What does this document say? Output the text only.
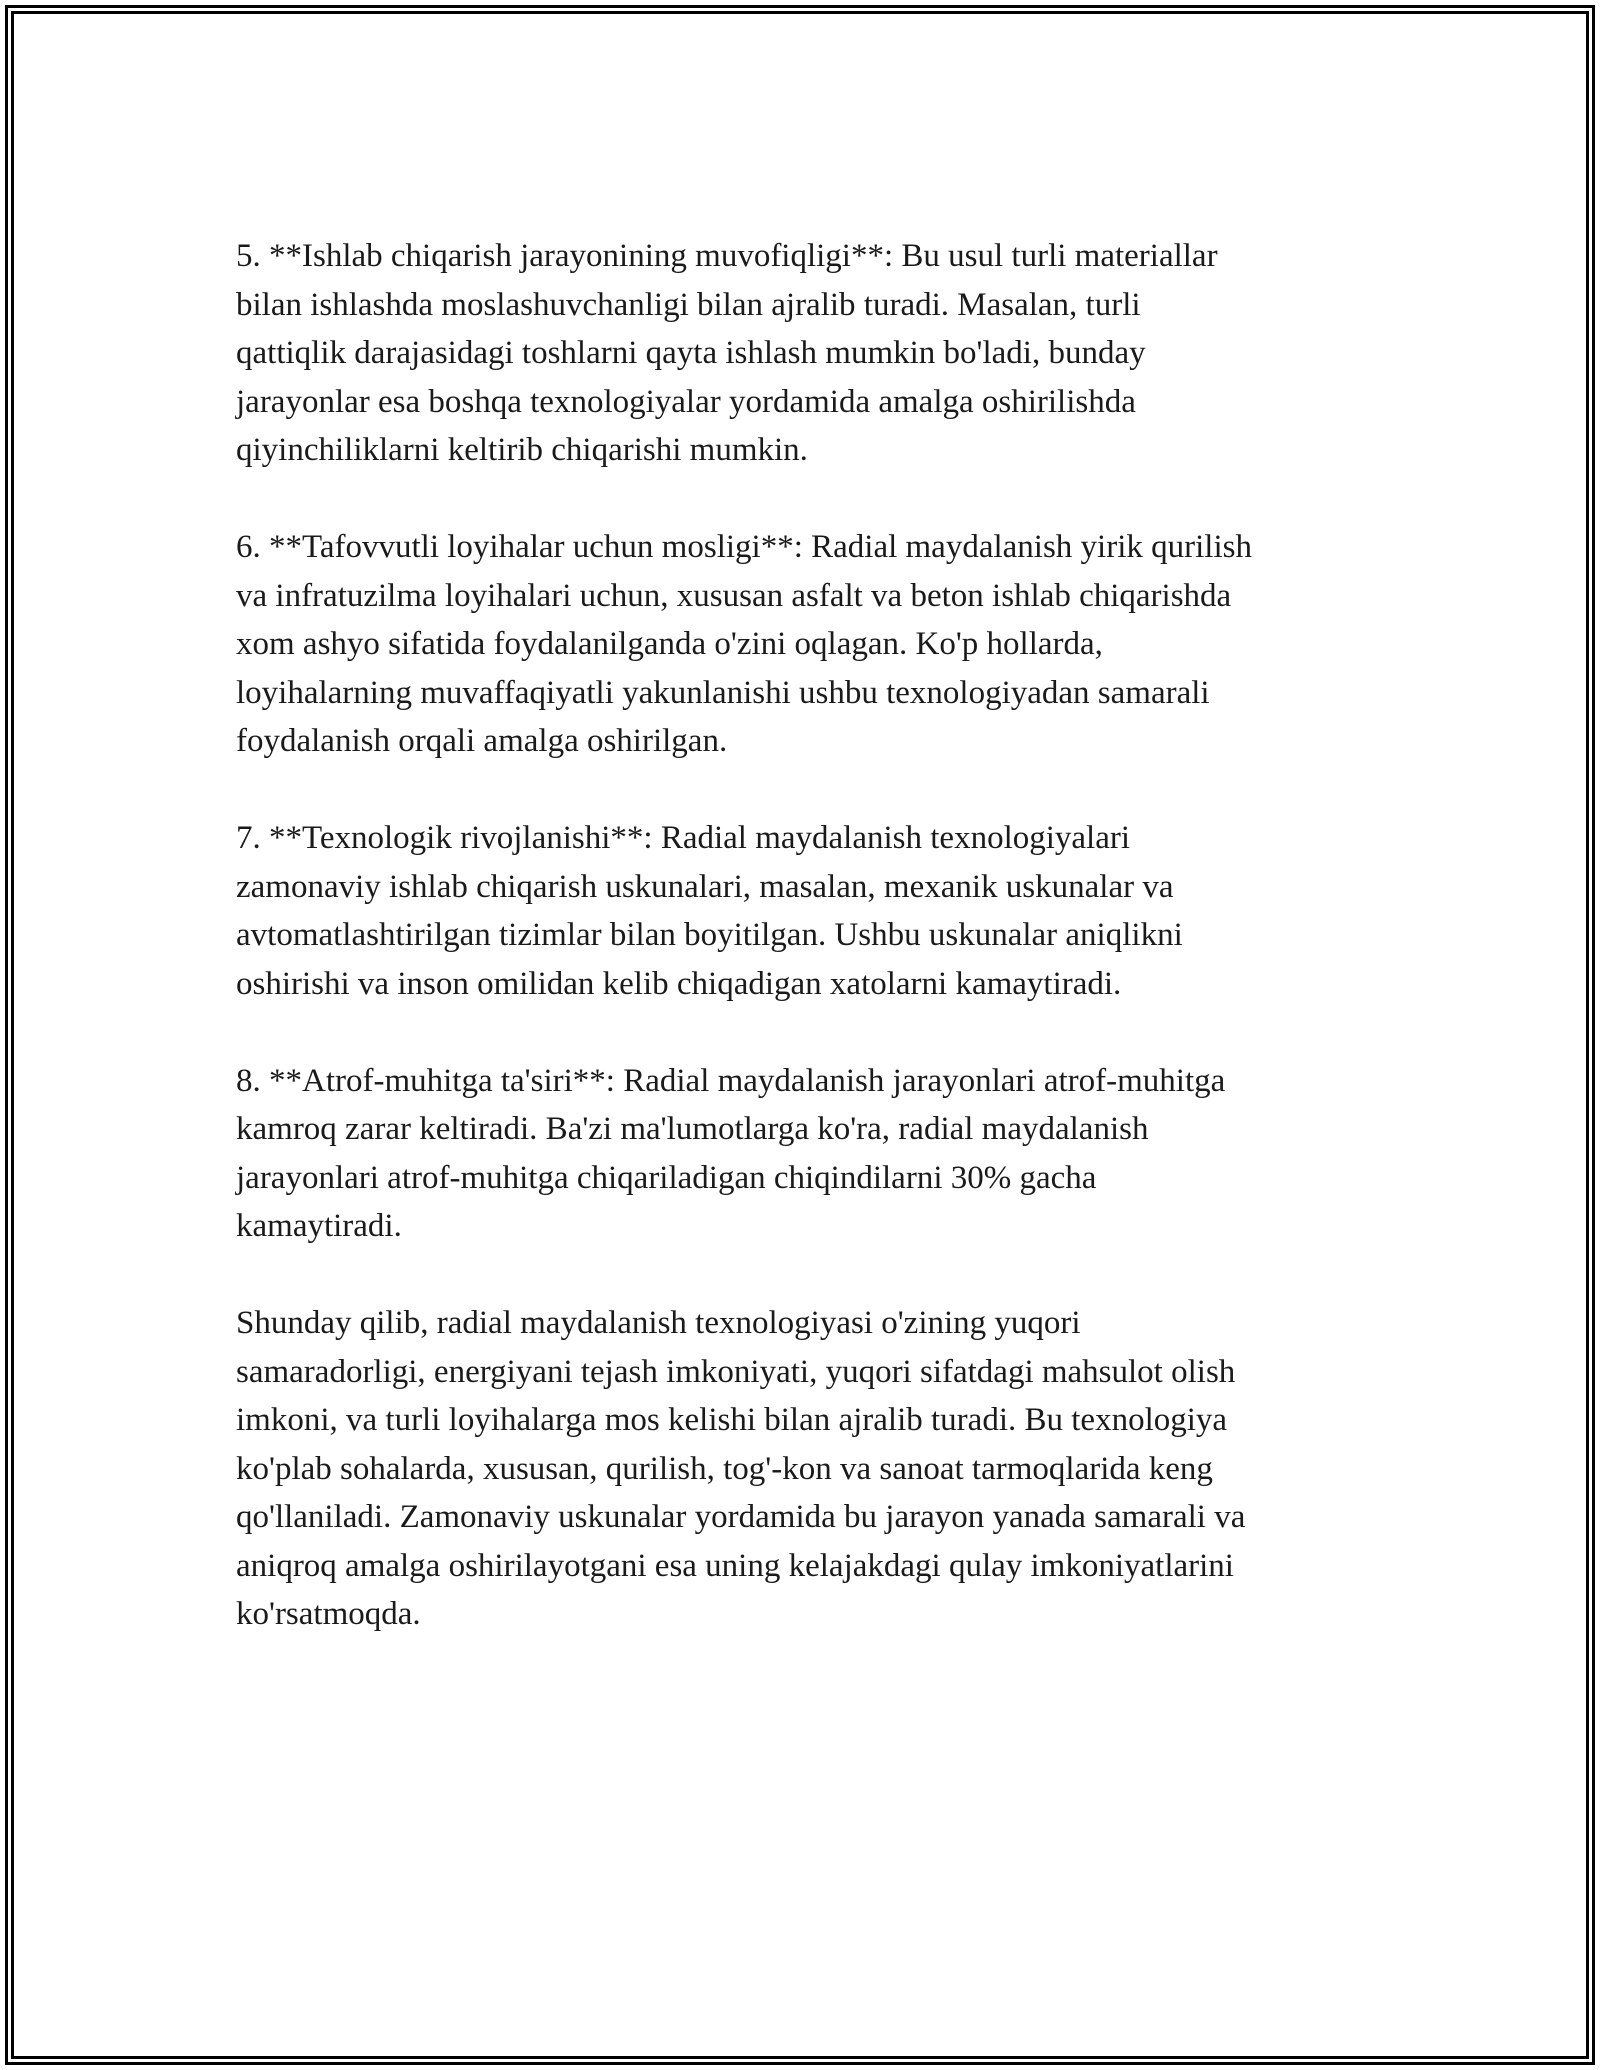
5. **Ishlab chiqarish jarayonining muvofiqligi**: Bu usul turli materiallar
bilan ishlashda moslashuvchanligi bilan ajralib turadi. Masalan, turli
qattiqlik darajasidagi toshlarni qayta ishlash mumkin bo'ladi, bunday
jarayonlar esa boshqa texnologiyalar yordamida amalga oshirilishda
qiyinchiliklarni keltirib chiqarishi mumkin.

6. **Tafovvutli loyihalar uchun mosligi**: Radial maydalanish yirik qurilish
va infratuzilma loyihalari uchun, xususan asfalt va beton ishlab chiqarishda
xom ashyo sifatida foydalanilganda o'zini oqlagan. Ko'p hollarda,
loyihalarning muvaffaqiyatli yakunlanishi ushbu texnologiyadan samarali
foydalanish orqali amalga oshirilgan.

7. **Texnologik rivojlanishi**: Radial maydalanish texnologiyalari
zamonaviy ishlab chiqarish uskunalari, masalan, mexanik uskunalar va
avtomatlashtirilgan tizimlar bilan boyitilgan. Ushbu uskunalar aniqlikni
oshirishi va inson omilidan kelib chiqadigan xatolarni kamaytiradi.

8. **Atrof-muhitga ta'siri**: Radial maydalanish jarayonlari atrof-muhitga
kamroq zarar keltiradi. Ba'zi ma'lumotlarga ko'ra, radial maydalanish
jarayonlari atrof-muhitga chiqariladigan chiqindilarni 30% gacha
kamaytiradi.

Shunday qilib, radial maydalanish texnologiyasi o'zining yuqori
samaradorligi, energiyani tejash imkoniyati, yuqori sifatdagi mahsulot olish
imkoni, va turli loyihalarga mos kelishi bilan ajralib turadi. Bu texnologiya
ko'plab sohalarda, xususan, qurilish, tog'-kon va sanoat tarmoqlarida keng
qo'llaniladi. Zamonaviy uskunalar yordamida bu jarayon yanada samarali va
aniqroq amalga oshirilayotgani esa uning kelajakdagi qulay imkoniyatlarini
ko'rsatmoqda.
